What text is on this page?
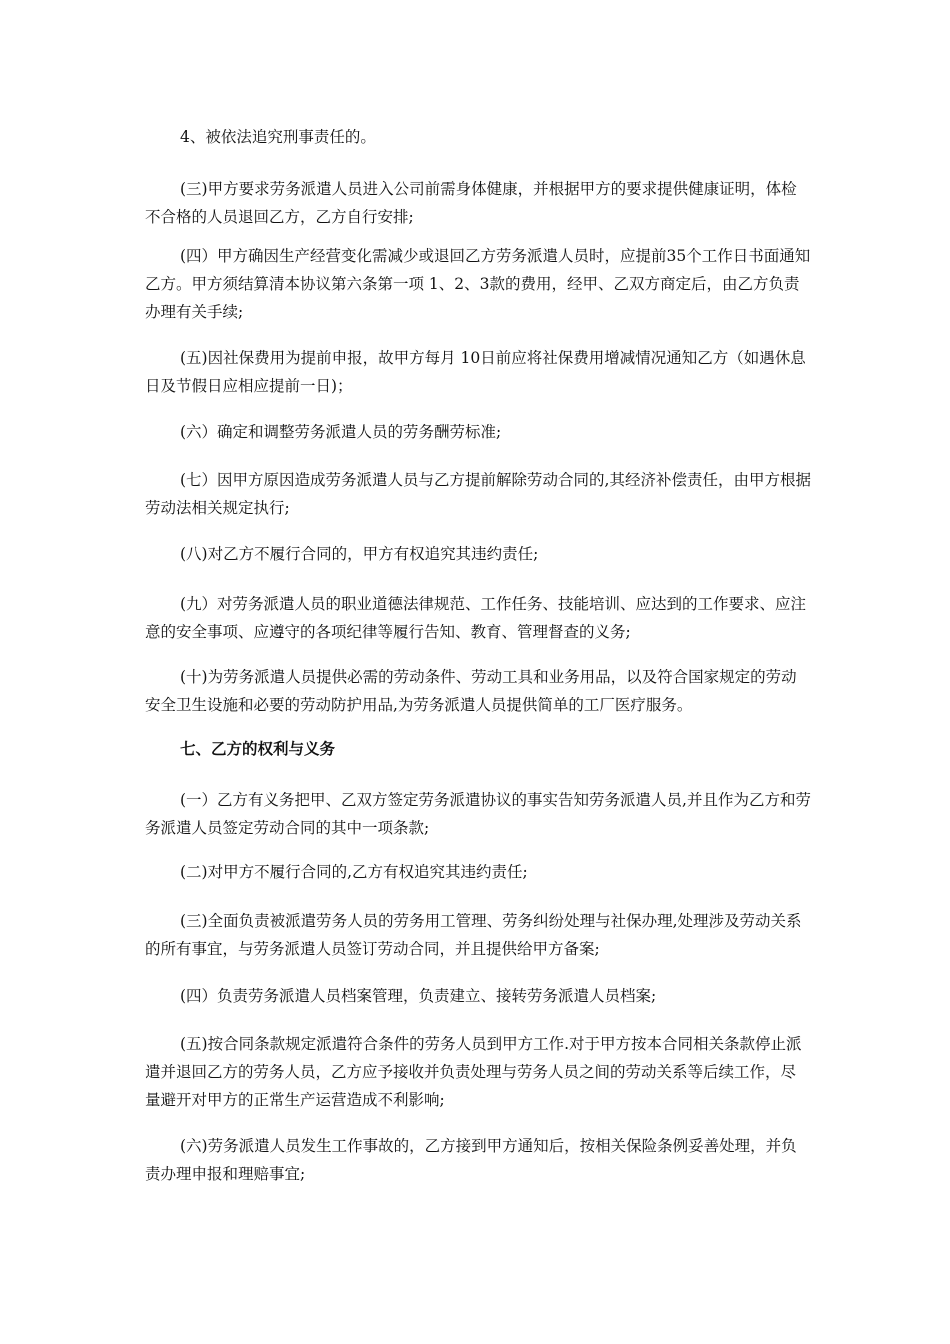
4、被依法追究刑事责任的。

(三)甲方要求劳务派遣人员进入公司前需身体健康，并根据甲方的要求提供健康证明，体检不合格的人员退回乙方，乙方自行安排;

(四）甲方确因生产经营变化需减少或退回乙方劳务派遣人员时，应提前35个工作日书面通知乙方。甲方须结算清本协议第六条第一项 1、2、3款的费用，经甲、乙双方商定后，由乙方负责办理有关手续;

(五)因社保费用为提前申报，故甲方每月 10日前应将社保费用增减情况通知乙方（如遇休息日及节假日应相应提前一日)；

(六）确定和调整劳务派遣人员的劳务酬劳标准;

(七）因甲方原因造成劳务派遣人员与乙方提前解除劳动合同的,其经济补偿责任，由甲方根据劳动法相关规定执行;

(八)对乙方不履行合同的，甲方有权追究其违约责任;

(九）对劳务派遣人员的职业道德法律规范、工作任务、技能培训、应达到的工作要求、应注意的安全事项、应遵守的各项纪律等履行告知、教育、管理督查的义务;

(十)为劳务派遣人员提供必需的劳动条件、劳动工具和业务用品，以及符合国家规定的劳动安全卫生设施和必要的劳动防护用品,为劳务派遣人员提供简单的工厂医疗服务。

七、乙方的权利与义务

(一）乙方有义务把甲、乙双方签定劳务派遣协议的事实告知劳务派遣人员,并且作为乙方和劳务派遣人员签定劳动合同的其中一项条款;

(二)对甲方不履行合同的,乙方有权追究其违约责任;

(三)全面负责被派遣劳务人员的劳务用工管理、劳务纠纷处理与社保办理,处理涉及劳动关系的所有事宜，与劳务派遣人员签订劳动合同，并且提供给甲方备案;

(四）负责劳务派遣人员档案管理，负责建立、接转劳务派遣人员档案;

(五)按合同条款规定派遣符合条件的劳务人员到甲方工作.对于甲方按本合同相关条款停止派遣并退回乙方的劳务人员，乙方应予接收并负责处理与劳务人员之间的劳动关系等后续工作，尽量避开对甲方的正常生产运营造成不利影响;

(六)劳务派遣人员发生工作事故的，乙方接到甲方通知后，按相关保险条例妥善处理，并负责办理申报和理赔事宜;
